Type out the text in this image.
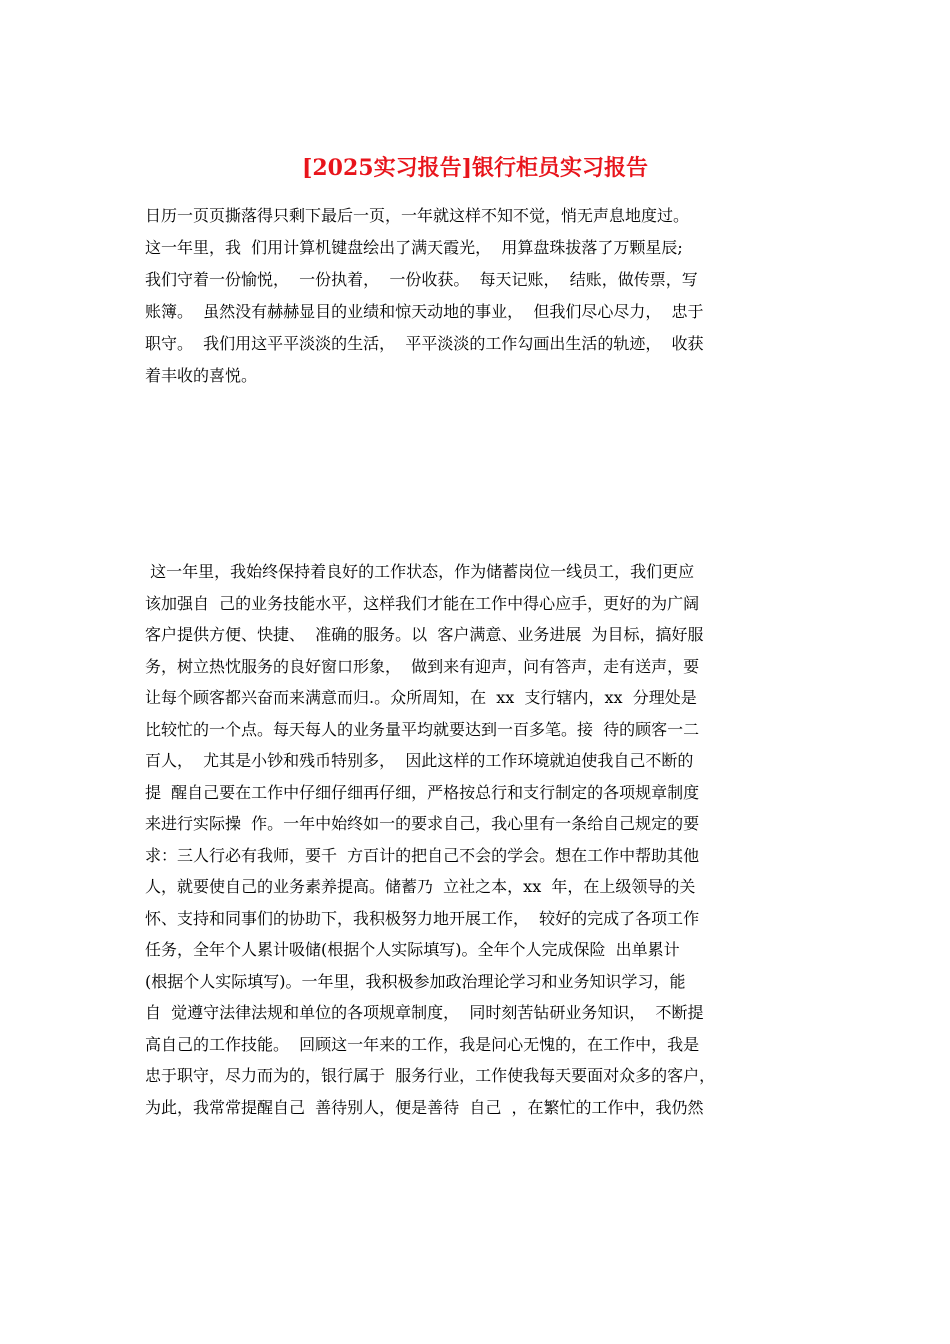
[2025实习报告]银行柜员实习报告
日历一页页撕落得只剩下最后一页，一年就这样不知不觉，悄无声息地度过。
这一年里，我  们用计算机键盘绘出了满天霞光，  用算盘珠拔落了万颗星辰;
我们守着一份愉悦，  一份执着，  一份收获。  每天记账，  结账，做传票，写
账簿。  虽然没有赫赫显目的业绩和惊天动地的事业，  但我们尽心尽力，  忠于
职守。  我们用这平平淡淡的生活，  平平淡淡的工作勾画出生活的轨迹，  收获
着丰收的喜悦。
这一年里，我始终保持着良好的工作状态，作为储蓄岗位一线员工，我们更应
该加强自  己的业务技能水平，这样我们才能在工作中得心应手，更好的为广阔
客户提供方便、快捷、  准确的服务。以  客户满意、业务进展  为目标，搞好服
务，树立热忱服务的良好窗口形象，  做到来有迎声，问有答声，走有送声，要
让每个顾客都兴奋而来满意而归.。众所周知，在  xx  支行辖内，xx  分理处是
比较忙的一个点。每天每人的业务量平均就要达到一百多笔。接  待的顾客一二
百人，  尤其是小钞和残币特别多，  因此这样的工作环境就迫使我自己不断的
提  醒自己要在工作中仔细仔细再仔细，严格按总行和支行制定的各项规章制度
来进行实际操  作。一年中始终如一的要求自己，我心里有一条给自己规定的要
求：三人行必有我师，要千  方百计的把自己不会的学会。想在工作中帮助其他
人，就要使自己的业务素养提高。储蓄乃  立社之本，xx  年，在上级领导的关
怀、支持和同事们的协助下，我积极努力地开展工作，  较好的完成了各项工作
任务，全年个人累计吸储(根据个人实际填写)。全年个人完成保险  出单累计
(根据个人实际填写)。一年里，我积极参加政治理论学习和业务知识学习，能
自  觉遵守法律法规和单位的各项规章制度，  同时刻苦钻研业务知识，  不断提
高自己的工作技能。  回顾这一年来的工作，我是问心无愧的，在工作中，我是
忠于职守，尽力而为的，银行属于  服务行业，工作使我每天要面对众多的客户，
为此，我常常提醒自己  善待别人，便是善待  自己  ，在繁忙的工作中，我仍然
